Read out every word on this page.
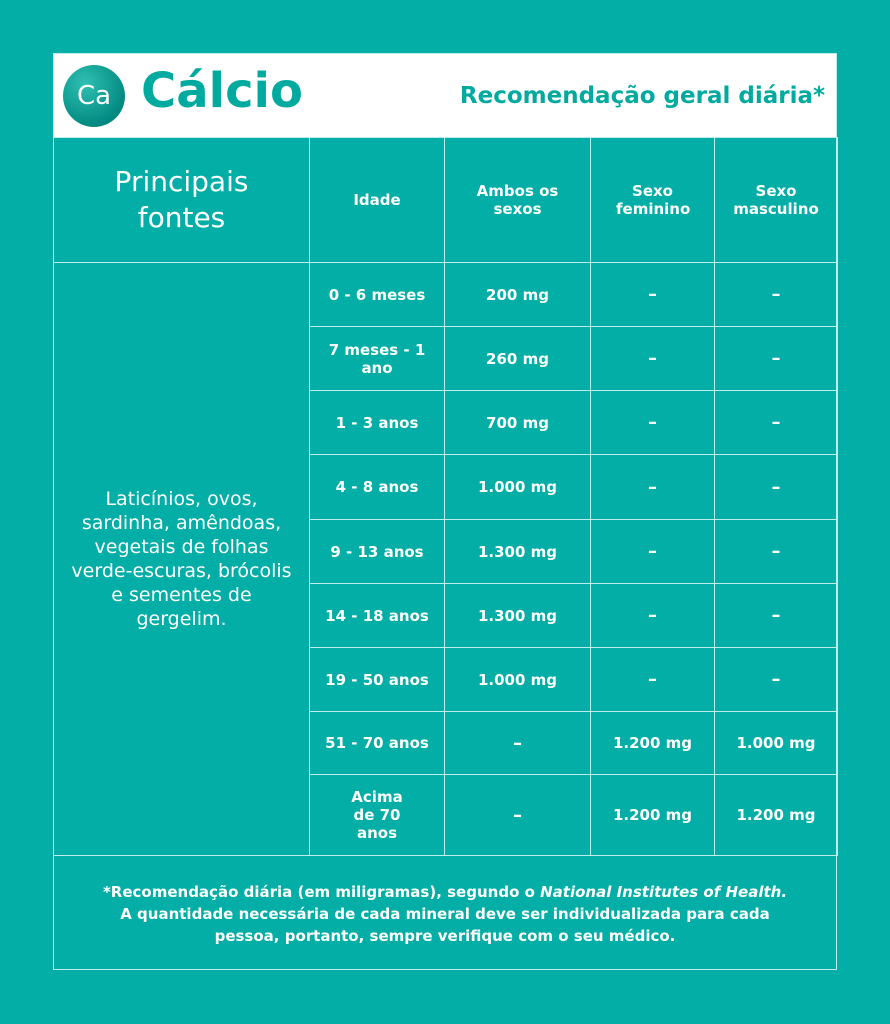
Ca Cálcio	Recomendação geral diária*
Principais fontes	Idade	Ambos os sexos	Sexo feminino	Sexo masculino
Laticínios, ovos, sardinha, amêndoas, vegetais de folhas verde-escuras, brócolis e sementes de gergelim.	0 - 6 meses	200 mg	–	–
	7 meses - 1 ano	260 mg	–	–
	1 - 3 anos	700 mg	–	–
	4 - 8 anos	1.000 mg	–	–
	9 - 13 anos	1.300 mg	–	–
	14 - 18 anos	1.300 mg	–	–
	19 - 50 anos	1.000 mg	–	–
	51 - 70 anos	–	1.200 mg	1.000 mg
	Acima de 70 anos	–	1.200 mg	1.200 mg
*Recomendação diária (em miligramas), segundo o National Institutes of Health.
A quantidade necessária de cada mineral deve ser individualizada para cada pessoa, portanto, sempre verifique com o seu médico.
